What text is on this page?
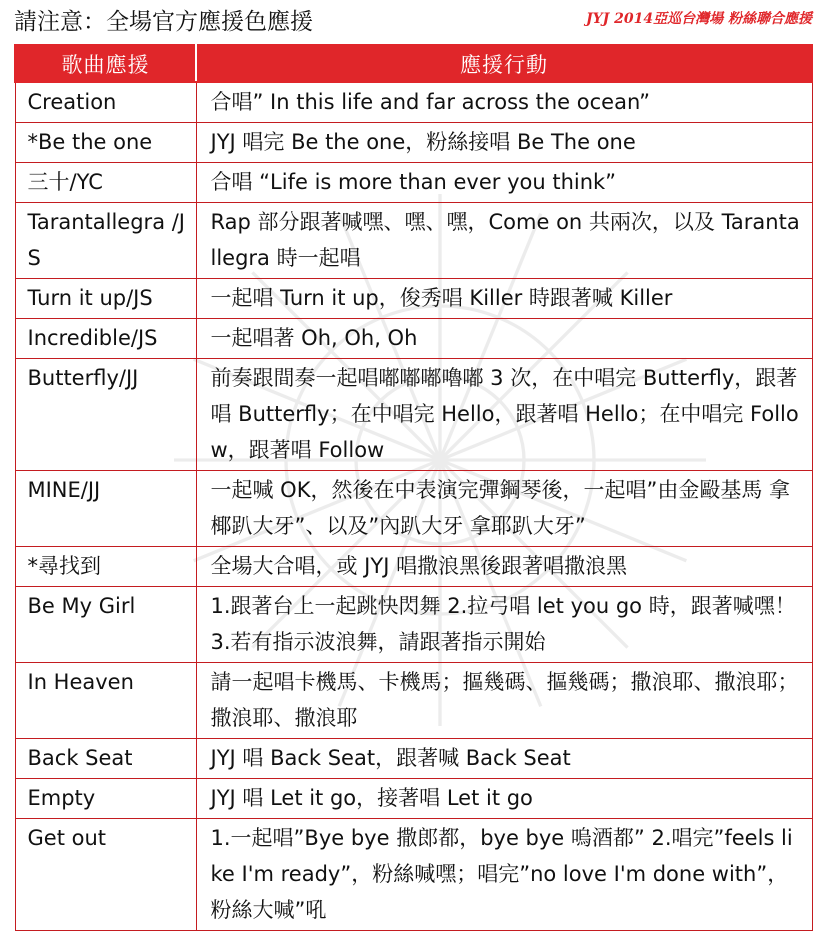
請注意：全場官方應援色應援	JYJ 2014亞巡台灣場 粉絲聯合應援
歌曲應援	應援行動
Creation	合唱” In this life and far across the ocean”
*Be the one	JYJ 唱完 Be the one，粉絲接唱 Be The one
三十/YC	合唱 “Life is more than ever you think”
Tarantallegra /JS	Rap 部分跟著喊嘿、嘿、嘿，Come on 共兩次，以及 Tarantallegra 時一起唱
Turn it up/JS	一起唱 Turn it up，俊秀唱 Killer 時跟著喊 Killer
Incredible/JS	一起唱著 Oh, Oh, Oh
Butterfly/JJ	前奏跟間奏一起唱嘟嘟嘟嚕嘟 3 次，在中唱完 Butterfly，跟著唱 Butterfly；在中唱完 Hello，跟著唱 Hello；在中唱完 Follow，跟著唱 Follow
MINE/JJ	一起喊 OK，然後在中表演完彈鋼琴後，一起唱”由金毆基馬 拿椰趴大牙”、以及”內趴大牙 拿耶趴大牙”
*尋找到	全場大合唱，或 JYJ 唱撒浪黑後跟著唱撒浪黑
Be My Girl	1.跟著台上一起跳快閃舞 2.拉弓唱 let you go 時，跟著喊嘿！ 3.若有指示波浪舞，請跟著指示開始
In Heaven	請一起唱卡機馬、卡機馬；摳幾碼、摳幾碼；撒浪耶、撒浪耶；撒浪耶、撒浪耶
Back Seat	JYJ 唱 Back Seat，跟著喊 Back Seat
Empty	JYJ 唱 Let it go，接著唱 Let it go
Get out	1.一起唱”Bye bye 撒郎都，bye bye 嗚酒都” 2.唱完”feels like I'm ready”，粉絲喊嘿；唱完”no love I'm done with”，粉絲大喊”吼
